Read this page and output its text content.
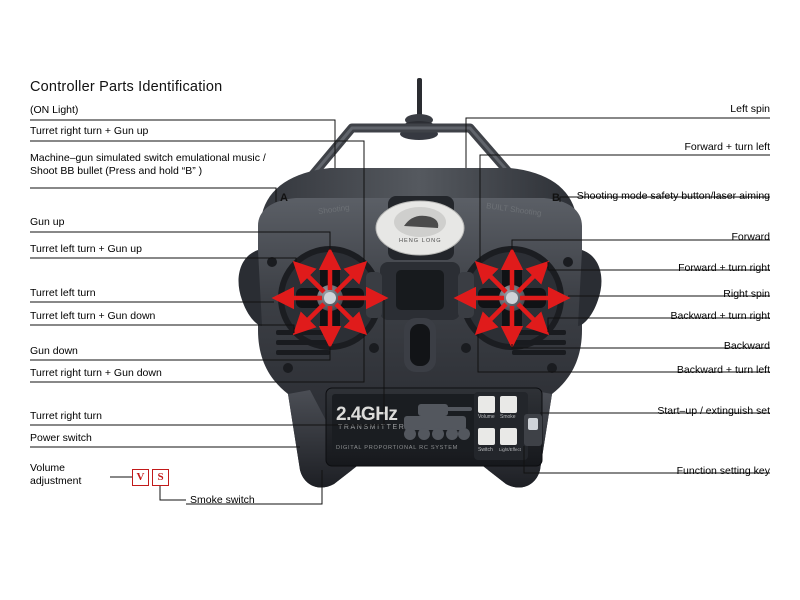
Controller Parts Identification
2.4GHz
TRANSMITTER
DIGITAL PROPORTIONAL RC SYSTEM
Volume Smoke
Switch Light/Effect
HENG LONG
Shooting	BUILT Shooting
A	B
(ON Light)
Turret right turn + Gun up
Machine–gun simulated switch emulational music / Shoot BB bullet (Press and hold “B” )
Gun up
Turret left turn + Gun up
Turret left turn
Turret left turn + Gun down
Gun down
Turret right turn + Gun down
Turret right turn
Power switch
Volume
adjustment
Smoke switch
V	S
Left spin
Forward + turn left
Shooting mode safety button/laser aiming
Forward
Forward + turn right
Right spin
Backward + turn right
Backward
Backward + turn left
Start–up / extinguish set
Function setting key
